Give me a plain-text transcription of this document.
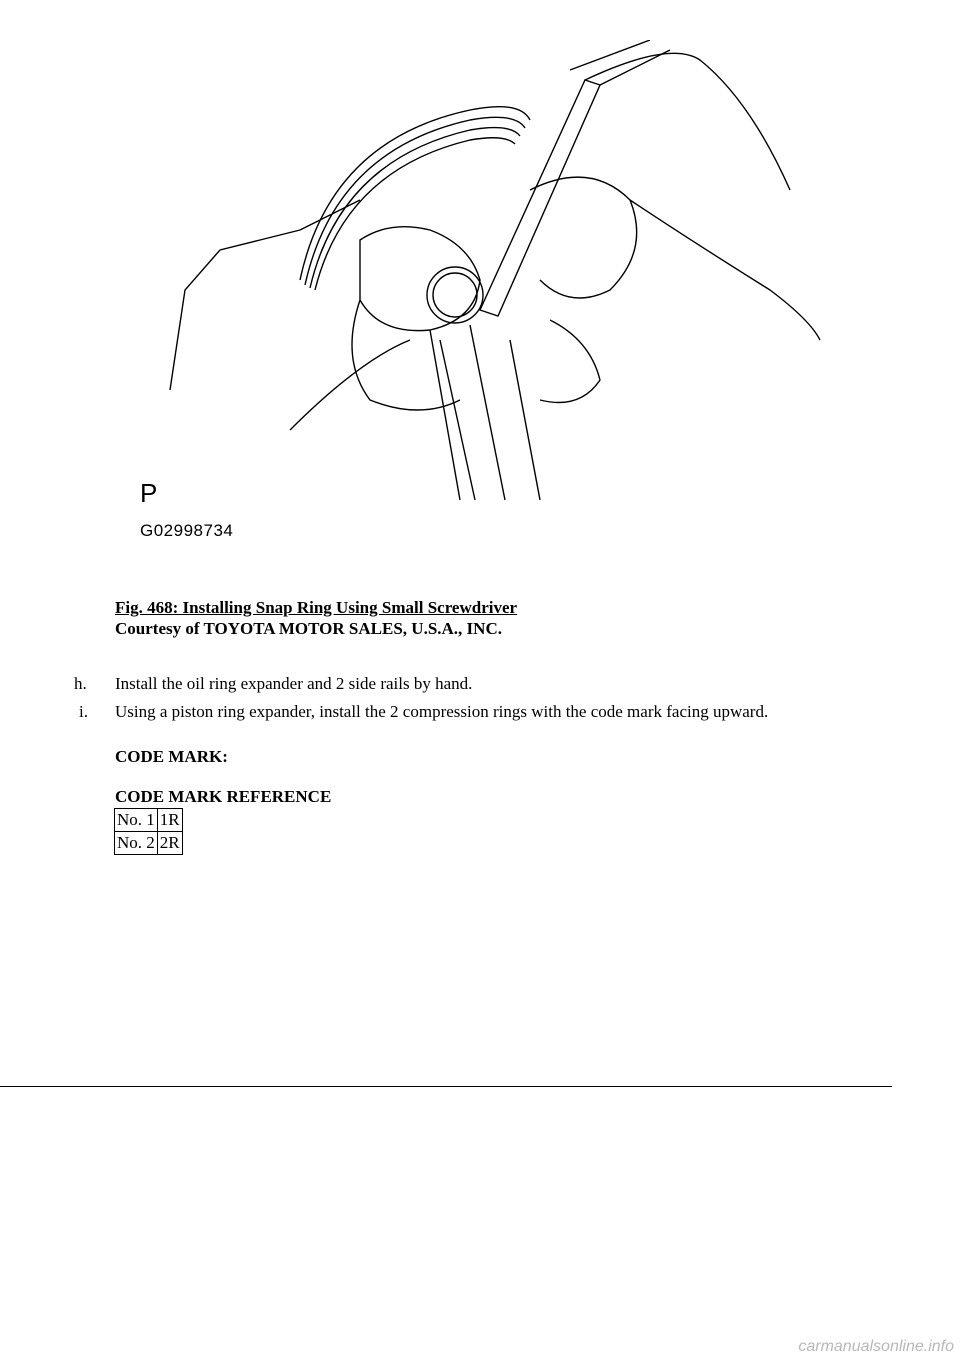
P
G02998734
Fig. 468: Installing Snap Ring Using Small Screwdriver
Courtesy of TOYOTA MOTOR SALES, U.S.A., INC.
h. Install the oil ring expander and 2 side rails by hand.
i. Using a piston ring expander, install the 2 compression rings with the code mark facing upward.
CODE MARK:
CODE MARK REFERENCE
No. 1	1R
No. 2	2R
carmanualsonline.info
